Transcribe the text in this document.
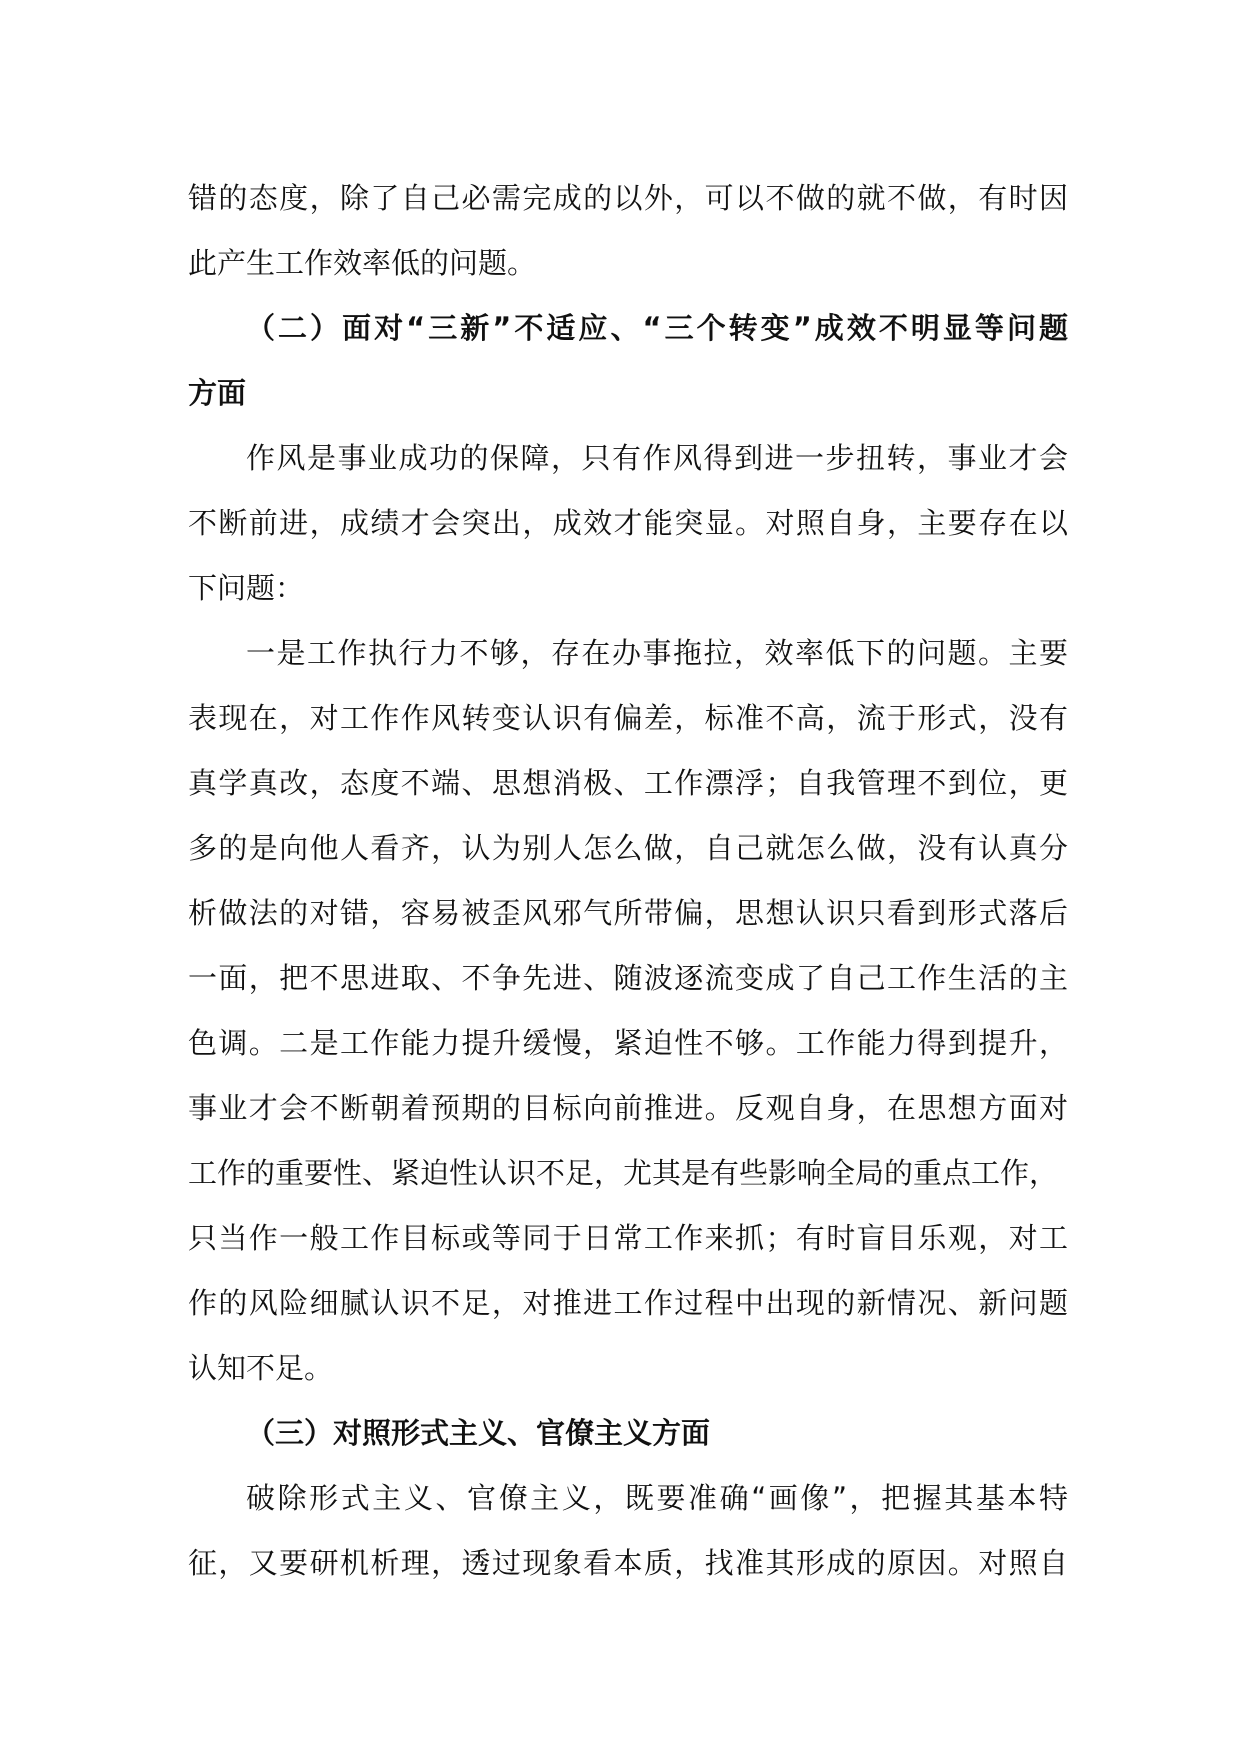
错的态度，除了自己必需完成的以外，可以不做的就不做，有时因
此产生工作效率低的问题。
（二）面对“三新”不适应、“三个转变”成效不明显等问题
方面
作风是事业成功的保障，只有作风得到进一步扭转，事业才会
不断前进，成绩才会突出，成效才能突显。对照自身，主要存在以
下问题：
一是工作执行力不够，存在办事拖拉，效率低下的问题。主要
表现在，对工作作风转变认识有偏差，标准不高，流于形式，没有
真学真改，态度不端、思想消极、工作漂浮；自我管理不到位，更
多的是向他人看齐，认为别人怎么做，自己就怎么做，没有认真分
析做法的对错，容易被歪风邪气所带偏，思想认识只看到形式落后
一面，把不思进取、不争先进、随波逐流变成了自己工作生活的主
色调。二是工作能力提升缓慢，紧迫性不够。工作能力得到提升，
事业才会不断朝着预期的目标向前推进。反观自身，在思想方面对
工作的重要性、紧迫性认识不足，尤其是有些影响全局的重点工作，
只当作一般工作目标或等同于日常工作来抓；有时盲目乐观，对工
作的风险细腻认识不足，对推进工作过程中出现的新情况、新问题
认知不足。
（三）对照形式主义、官僚主义方面
破除形式主义、官僚主义，既要准确“画像”，把握其基本特
征，又要研机析理，透过现象看本质，找准其形成的原因。对照自
